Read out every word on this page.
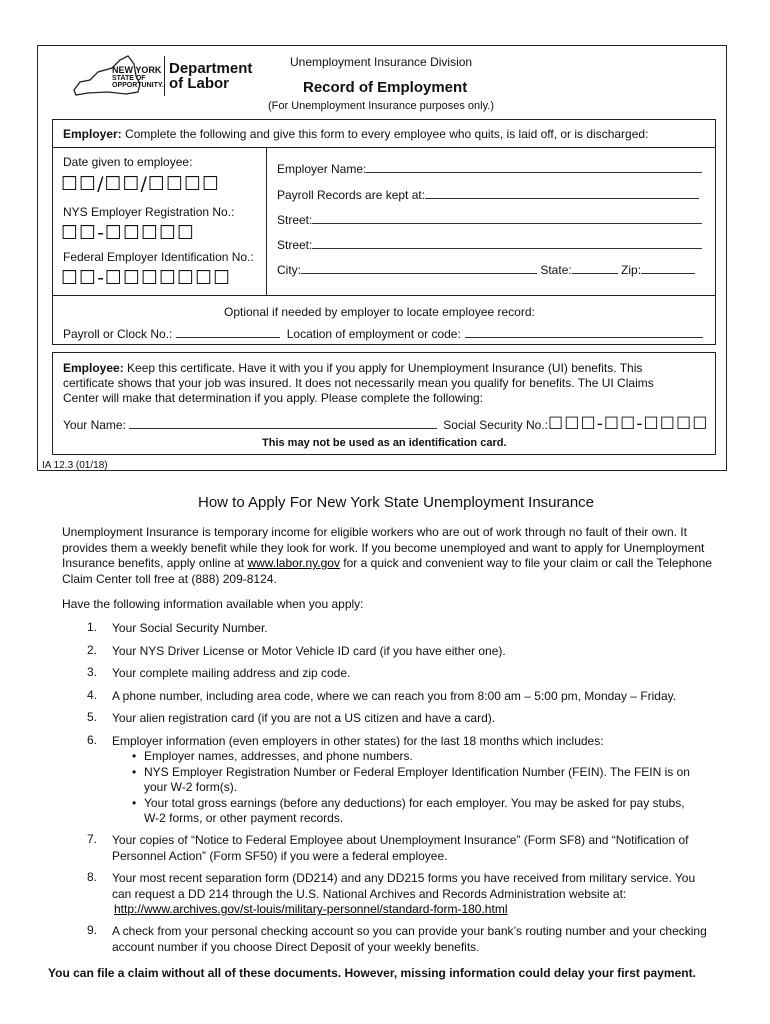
NEW YORK
STATE OF
OPPORTUNITY.
Department
of Labor
Unemployment Insurance Division
Record of Employment
(For Unemployment Insurance purposes only.)
Employer: Complete the following and give this form to every employee who quits, is laid off, or is discharged:
Date given to employee:
☐☐/☐☐/☐☐☐☐
NYS Employer Registration No.:
☐☐-☐☐☐☐☐
Federal Employer Identification No.:
☐☐-☐☐☐☐☐☐☐
Employer Name:
Payroll Records are kept at:
Street:
Street:
City:	State:	Zip:
Optional if needed by employer to locate employee record:
Payroll or Clock No.:	Location of employment or code:
Employee: Keep this certificate. Have it with you if you apply for Unemployment Insurance (UI) benefits. This certificate shows that your job was insured. It does not necessarily mean you qualify for benefits. The UI Claims Center will make that determination if you apply. Please complete the following:
Your Name:	Social Security No.:☐☐☐-☐☐-☐☐☐☐
This may not be used as an identification card.
IA 12.3 (01/18)
How to Apply For New York State Unemployment Insurance
Unemployment Insurance is temporary income for eligible workers who are out of work through no fault of their own. It provides them a weekly benefit while they look for work. If you become unemployed and want to apply for Unemployment Insurance benefits, apply online at www.labor.ny.gov for a quick and convenient way to file your claim or call the Telephone Claim Center toll free at (888) 209-8124.
Have the following information available when you apply:
1. Your Social Security Number.
2. Your NYS Driver License or Motor Vehicle ID card (if you have either one).
3. Your complete mailing address and zip code.
4. A phone number, including area code, where we can reach you from 8:00 am – 5:00 pm, Monday – Friday.
5. Your alien registration card (if you are not a US citizen and have a card).
6. Employer information (even employers in other states) for the last 18 months which includes:
• Employer names, addresses, and phone numbers.
• NYS Employer Registration Number or Federal Employer Identification Number (FEIN). The FEIN is on your W-2 form(s).
• Your total gross earnings (before any deductions) for each employer. You may be asked for pay stubs, W-2 forms, or other payment records.
7. Your copies of “Notice to Federal Employee about Unemployment Insurance” (Form SF8) and “Notification of Personnel Action” (Form SF50) if you were a federal employee.
8. Your most recent separation form (DD214) and any DD215 forms you have received from military service. You can request a DD 214 through the U.S. National Archives and Records Administration website at:
http://www.archives.gov/st-louis/military-personnel/standard-form-180.html
9. A check from your personal checking account so you can provide your bank’s routing number and your checking account number if you choose Direct Deposit of your weekly benefits.
You can file a claim without all of these documents. However, missing information could delay your first payment.
